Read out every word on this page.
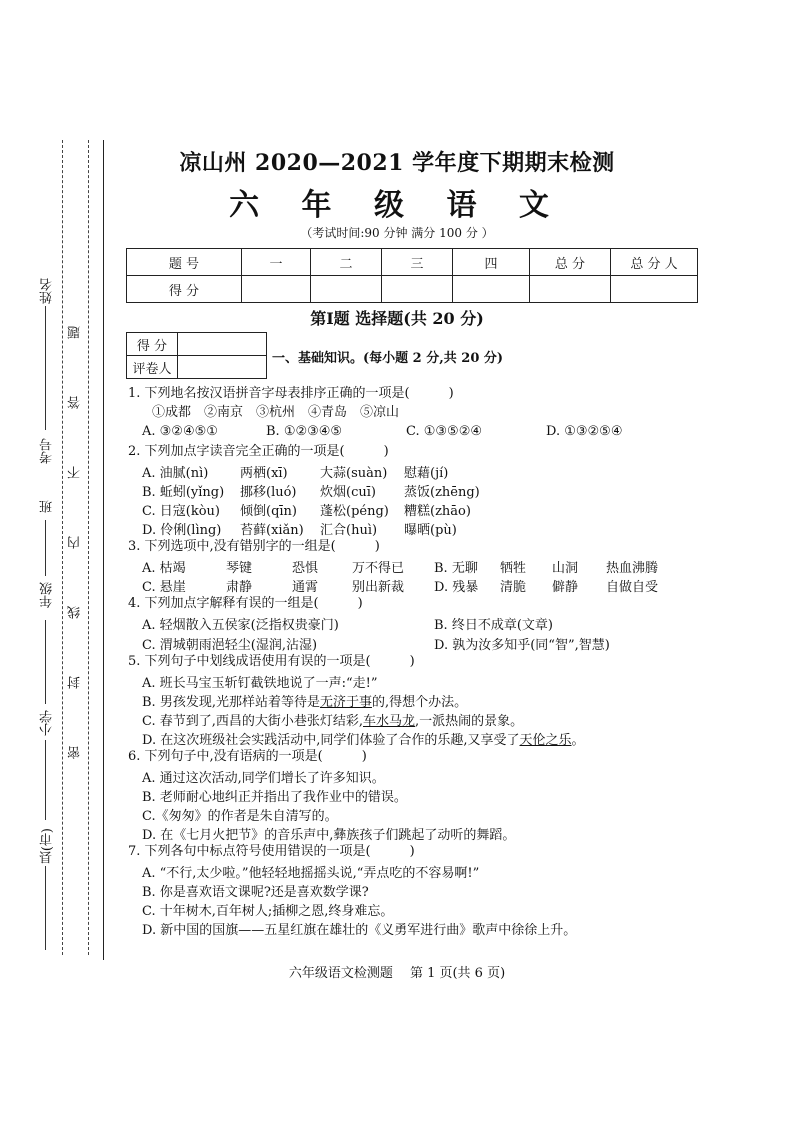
姓名
考号
班
年级
小学
县(市)
题
答
不
内
线
封
密
凉山州 2020—2021 学年度下期期末检测
六 年 级 语 文
（考试时间:90 分钟 满分 100 分 ）
题 号	一	二	三	四	总 分	总 分 人
得 分						
第Ⅰ题 选择题(共 20 分)
得 分	
评卷人	
一、基础知识。(每小题 2 分,共 20 分)
1. 下列地名按汉语拼音字母表排序正确的一项是(　　　)
①成都　②南京　③杭州　④青岛　⑤凉山
A. ③②④⑤①	B. ①②③④⑤	C. ①③⑤②④	D. ①③②⑤④
2. 下列加点字读音完全正确的一项是(　　　)
A. 油腻(nì) 两栖(xī) 大蒜(suàn) 慰藉(jí)
B. 蚯蚓(yǐng) 挪移(luó) 炊烟(cuī) 蒸饭(zhēng)
C. 日寇(kòu) 倾倒(qīn) 蓬松(péng) 糟糕(zhāo)
D. 伶俐(lìng) 苔藓(xiǎn) 汇合(huì) 曝晒(pù)
3. 下列选项中,没有错别字的一组是(　　　)
A. 枯竭	琴键	恐惧	万不得已 B. 无聊 牺牲 山洞 热血沸腾
C. 悬崖	肃静	通霄	别出新裁 D. 残暴 清脆 僻静 自做自受
4. 下列加点字解释有误的一组是(　　　)
A. 轻烟散入五侯家(泛指权贵豪门)	B. 终日不成章(文章)
C. 渭城朝雨浥轻尘(湿润,沾湿)	D. 孰为汝多知乎(同“智”,智慧)
5. 下列句子中划线成语使用有误的一项是(　　　)
A. 班长马宝玉斩钉截铁地说了一声:“走!”
B. 男孩发现,光那样站着等待是无济于事的,得想个办法。
C. 春节到了,西昌的大街小巷张灯结彩,车水马龙,一派热闹的景象。
D. 在这次班级社会实践活动中,同学们体验了合作的乐趣,又享受了天伦之乐。
6. 下列句子中,没有语病的一项是(　　　)
A. 通过这次活动,同学们增长了许多知识。
B. 老师耐心地纠正并指出了我作业中的错误。
C.《匆匆》的作者是朱自清写的。
D. 在《七月火把节》的音乐声中,彝族孩子们跳起了动听的舞蹈。
7. 下列各句中标点符号使用错误的一项是(　　　)
A. “不行,太少啦。”他轻轻地摇摇头说,“弄点吃的不容易啊!”
B. 你是喜欢语文课呢?还是喜欢数学课?
C. 十年树木,百年树人;插柳之恩,终身难忘。
D. 新中国的国旗——五星红旗在雄壮的《义勇军进行曲》歌声中徐徐上升。
六年级语文检测题　 第 1 页(共 6 页)
